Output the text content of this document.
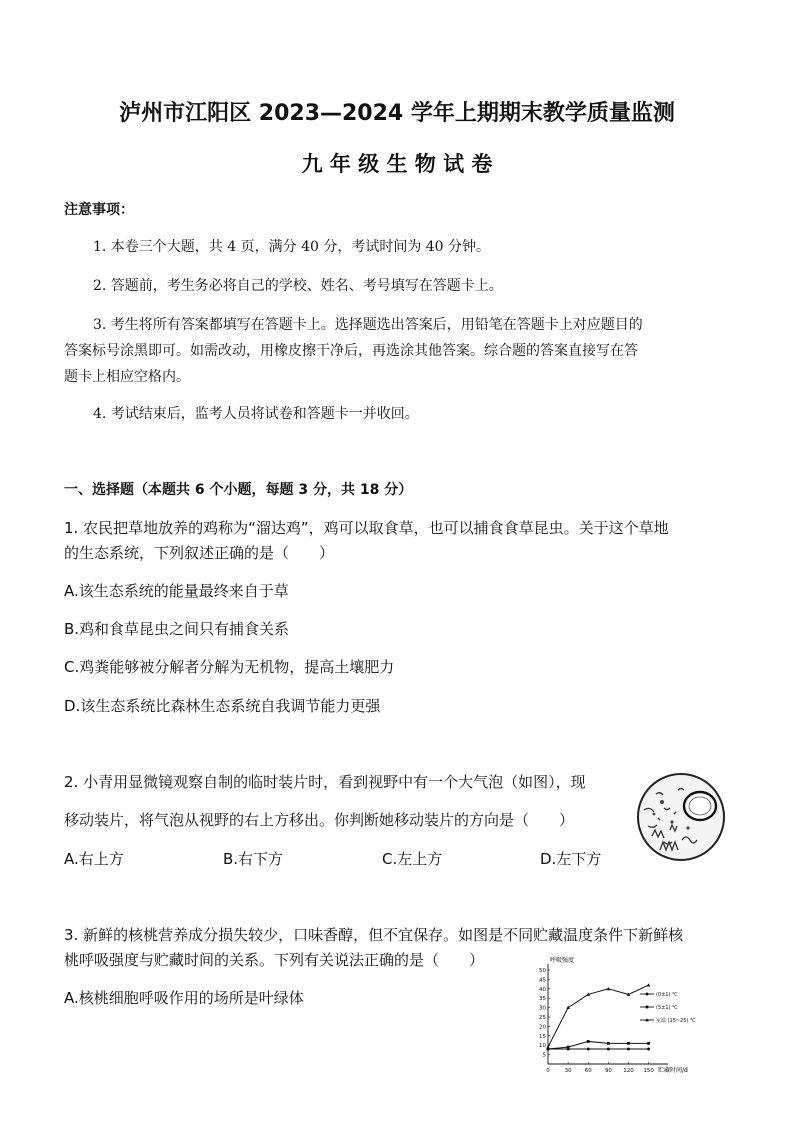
泸州市江阳区 2023—2024 学年上期期末教学质量监测
九 年 级 生 物 试 卷
注意事项：
1. 本卷三个大题，共 4 页，满分 40 分，考试时间为 40 分钟。
2. 答题前，考生务必将自己的学校、姓名、考号填写在答题卡上。
3. 考生将所有答案都填写在答题卡上。选择题选出答案后，用铅笔在答题卡上对应题目的
答案标号涂黑即可。如需改动，用橡皮擦干净后，再选涂其他答案。综合题的答案直接写在答
题卡上相应空格内。
4. 考试结束后，监考人员将试卷和答题卡一并收回。
一、选择题（本题共 6 个小题，每题 3 分，共 18 分）
1. 农民把草地放养的鸡称为“溜达鸡”，鸡可以取食草，也可以捕食食草昆虫。关于这个草地
的生态系统，下列叙述正确的是（　　）
A.该生态系统的能量最终来自于草
B.鸡和食草昆虫之间只有捕食关系
C.鸡粪能够被分解者分解为无机物，提高土壤肥力
D.该生态系统比森林生态系统自我调节能力更强
2. 小青用显微镜观察自制的临时装片时，看到视野中有一个大气泡（如图），现
移动装片，将气泡从视野的右上方移出。你判断她移动装片的方向是（　　）
A.右上方	B.右下方	C.左上方	D.左下方
3. 新鲜的核桃营养成分损失较少，口味香醇，但不宜保存。如图是不同贮藏温度条件下新鲜核
桃呼吸强度与贮藏时间的关系。下列有关说法正确的是（　　）
A.核桃细胞呼吸作用的场所是叶绿体
5
10
15
20
25
30
35
40
45
50
0	30 60 90 120 150
(0±1) ℃
(5±1) ℃
室温 (15~25) ℃
呼吸强度
贮藏时间/d
